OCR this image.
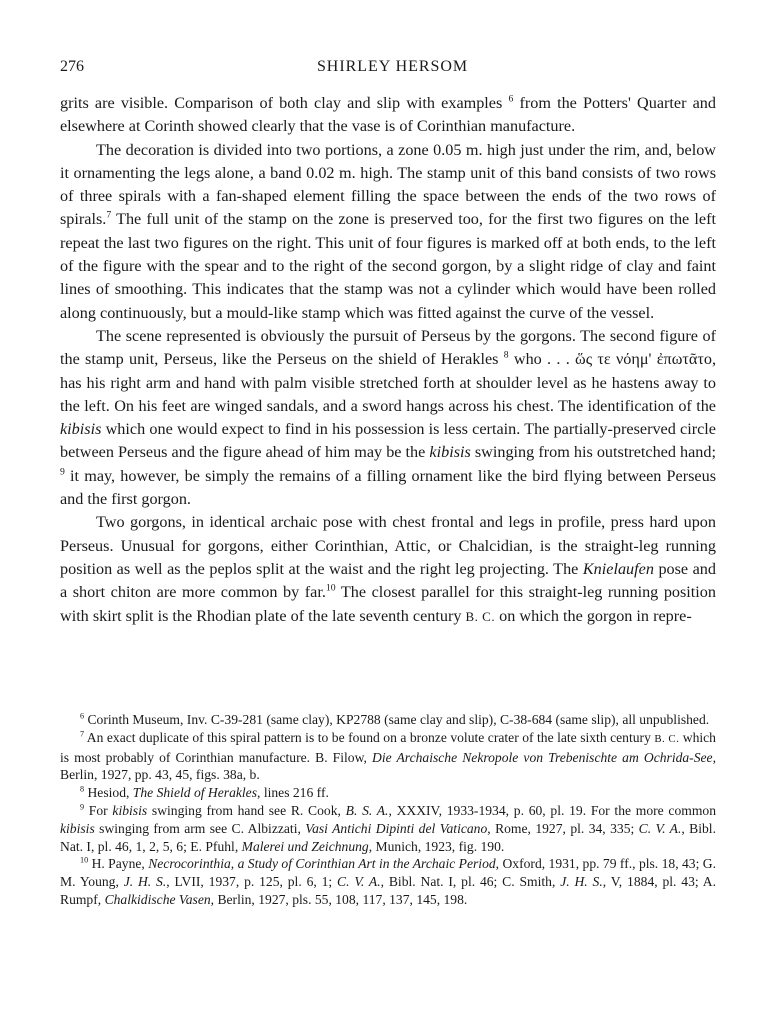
276	SHIRLEY HERSOM

grits are visible. Comparison of both clay and slip with examples $^6$ from the Potters' Quarter and elsewhere at Corinth showed clearly that the vase is of Corinthian manufacture.

The decoration is divided into two portions, a zone 0.05 m. high just under the rim, and, below it ornamenting the legs alone, a band 0.02 m. high. The stamp unit of this band consists of two rows of three spirals with a fan-shaped element filling the space between the ends of the two rows of spirals.$^7$ The full unit of the stamp on the zone is preserved too, for the first two figures on the left repeat the last two figures on the right. This unit of four figures is marked off at both ends, to the left of the figure with the spear and to the right of the second gorgon, by a slight ridge of clay and faint lines of smoothing. This indicates that the stamp was not a cylinder which would have been rolled along continuously, but a mould-like stamp which was fitted against the curve of the vessel.

The scene represented is obviously the pursuit of Perseus by the gorgons. The second figure of the stamp unit, Perseus, like the Perseus on the shield of Herakles $^8$ who . . . ὥς τε νόημ' ἐπωτᾶτο, has his right arm and hand with palm visible stretched forth at shoulder level as he hastens away to the left. On his feet are winged sandals, and a sword hangs across his chest. The identification of the kibisis which one would expect to find in his possession is less certain. The partially-preserved circle between Perseus and the figure ahead of him may be the kibisis swinging from his outstretched hand; $^9$ it may, however, be simply the remains of a filling ornament like the bird flying between Perseus and the first gorgon.

Two gorgons, in identical archaic pose with chest frontal and legs in profile, press hard upon Perseus. Unusual for gorgons, either Corinthian, Attic, or Chalcidian, is the straight-leg running position as well as the peplos split at the waist and the right leg projecting. The Knielaufen pose and a short chiton are more common by far.$^{10}$ The closest parallel for this straight-leg running position with skirt split is the Rhodian plate of the late seventh century B. C. on which the gorgon in repre-

$^6$ Corinth Museum, Inv. C-39-281 (same clay), KP2788 (same clay and slip), C-38-684 (same slip), all unpublished.

$^7$ An exact duplicate of this spiral pattern is to be found on a bronze volute crater of the late sixth century B. C. which is most probably of Corinthian manufacture. B. Filow, Die Archaische Nekropole von Trebenischte am Ochrida-See, Berlin, 1927, pp. 43, 45, figs. 38a, b.

$^8$ Hesiod, The Shield of Herakles, lines 216 ff.

$^9$ For kibisis swinging from hand see R. Cook, B. S. A., XXXIV, 1933-1934, p. 60, pl. 19. For the more common kibisis swinging from arm see C. Albizzati, Vasi Antichi Dipinti del Vaticano, Rome, 1927, pl. 34, 335; C. V. A., Bibl. Nat. I, pl. 46, 1, 2, 5, 6; E. Pfuhl, Malerei und Zeichnung, Munich, 1923, fig. 190.

$^{10}$ H. Payne, Necrocorinthia, a Study of Corinthian Art in the Archaic Period, Oxford, 1931, pp. 79 ff., pls. 18, 43; G. M. Young, J. H. S., LVII, 1937, p. 125, pl. 6, 1; C. V. A., Bibl. Nat. I, pl. 46; C. Smith, J. H. S., V, 1884, pl. 43; A. Rumpf, Chalkidische Vasen, Berlin, 1927, pls. 55, 108, 117, 137, 145, 198.
